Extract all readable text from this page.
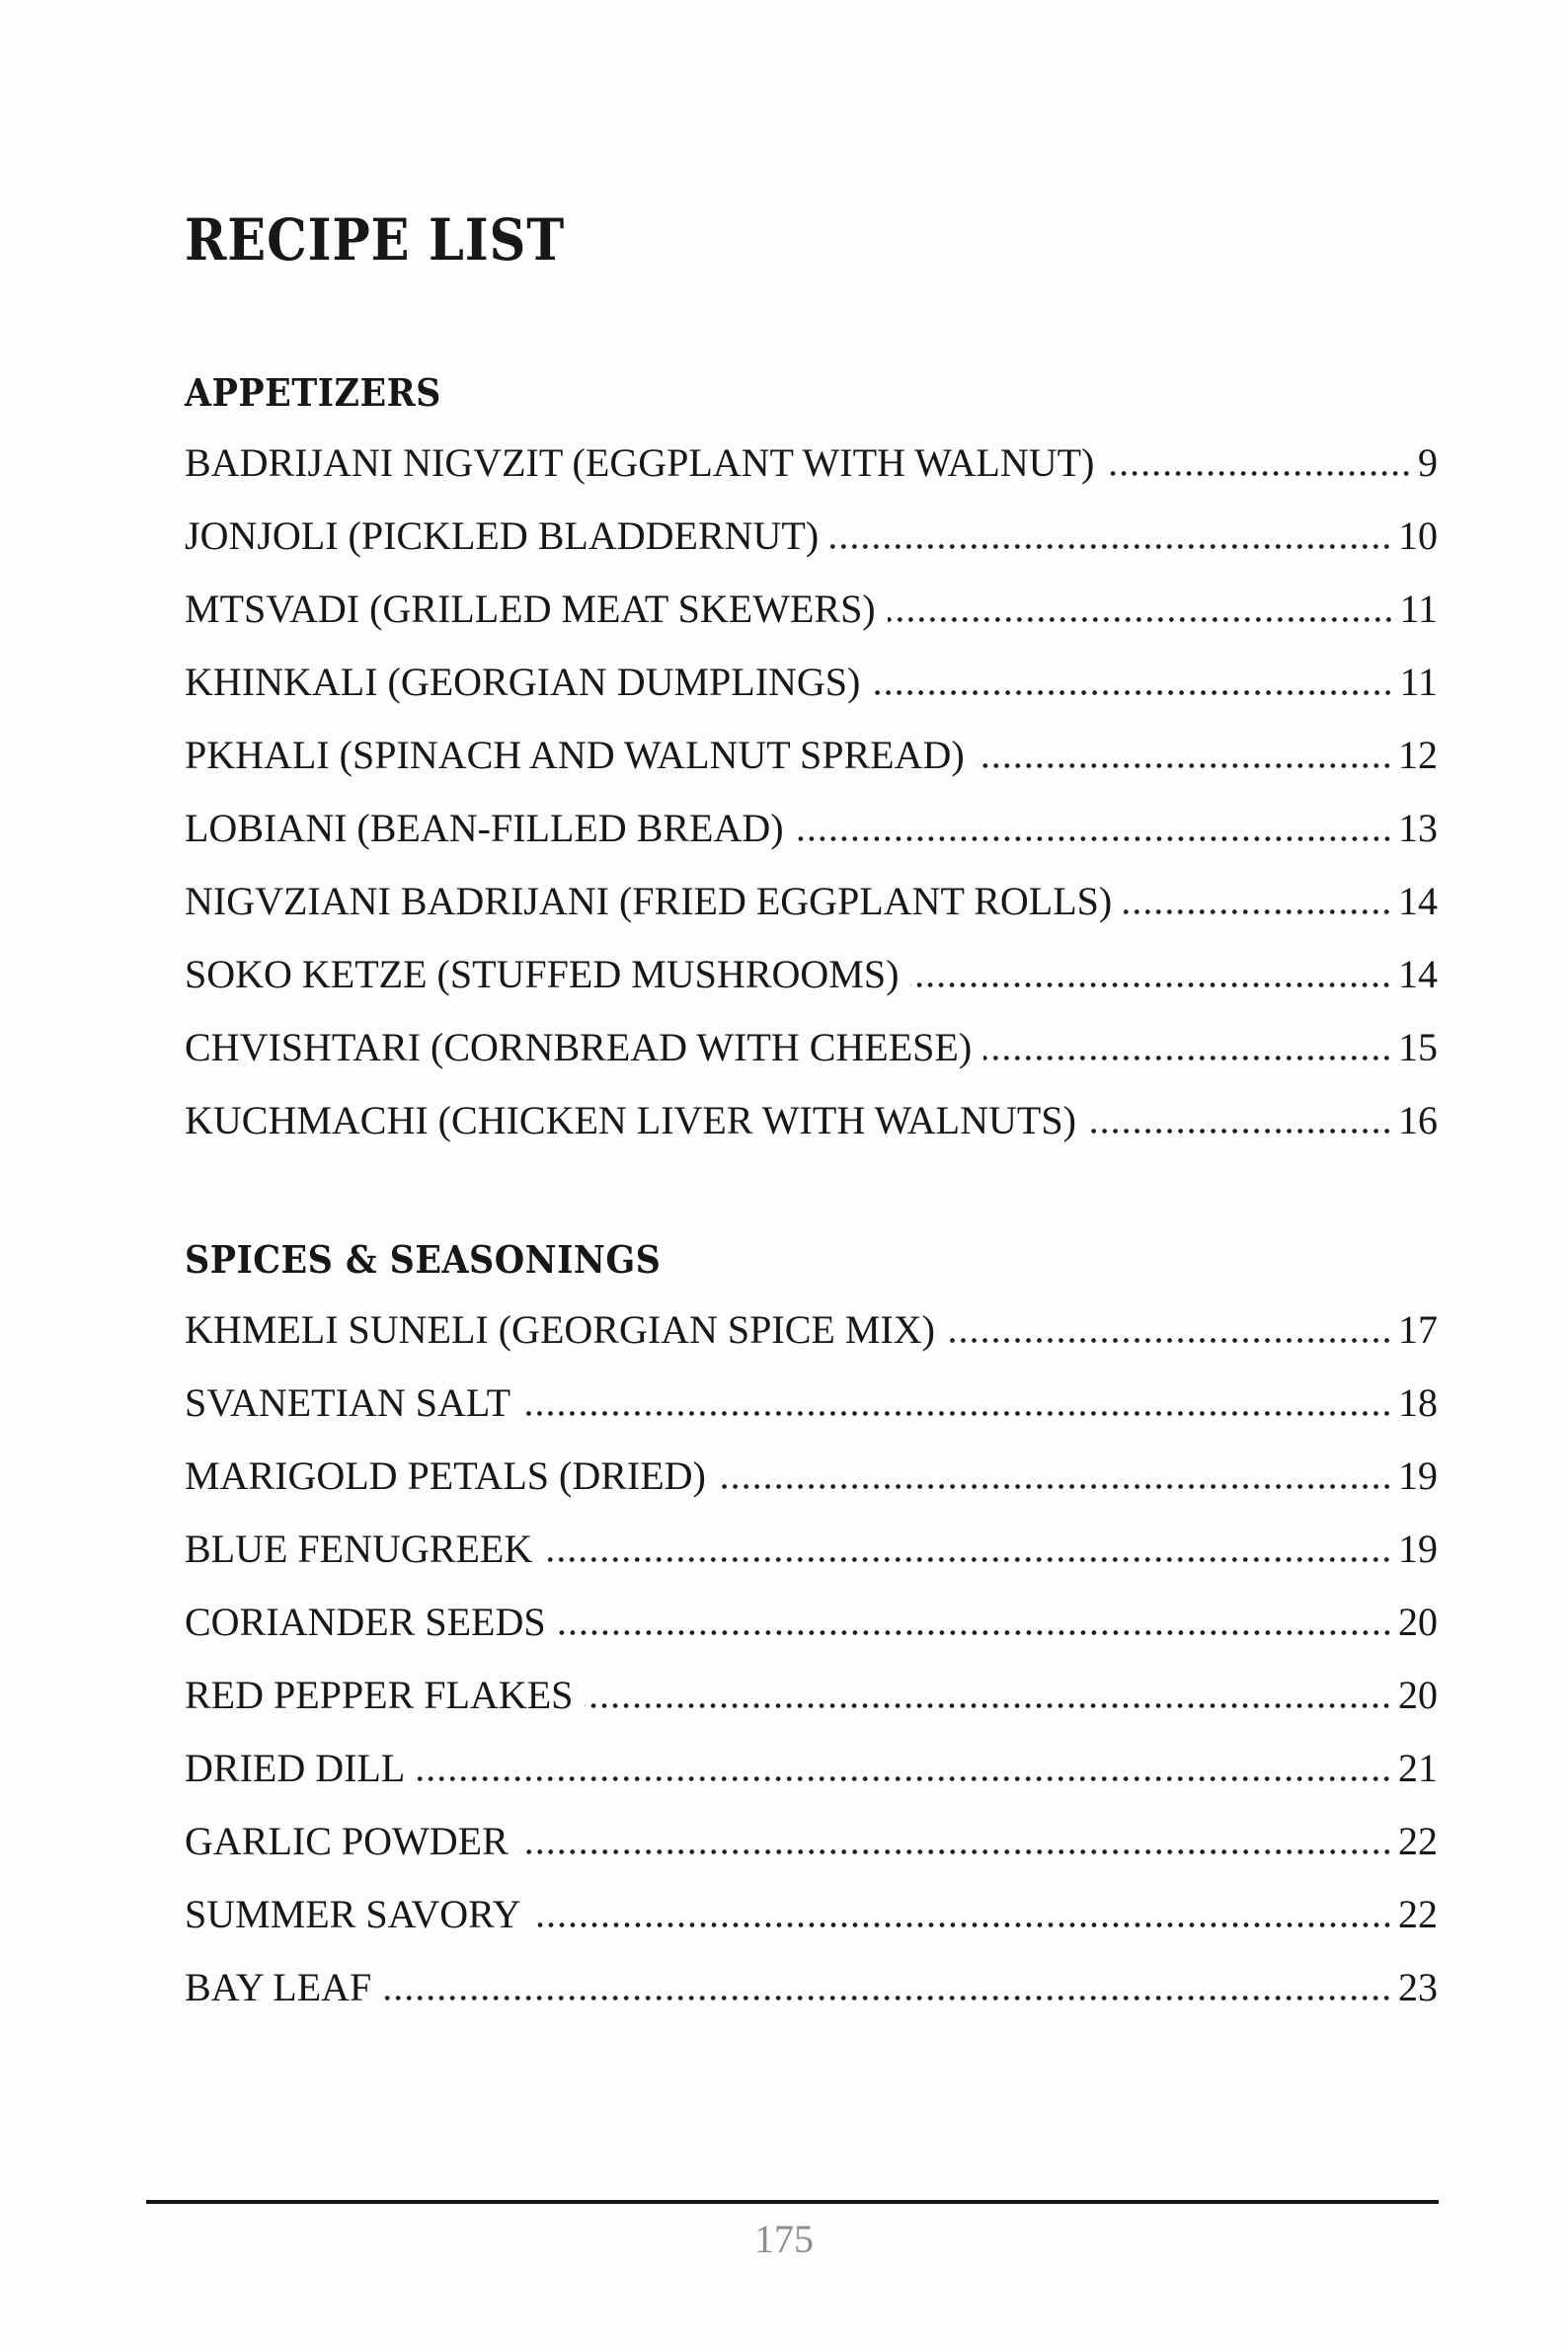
RECIPE LIST
APPETIZERS
BADRIJANI NIGVZIT (EGGPLANT WITH WALNUT)	9
JONJOLI (PICKLED BLADDERNUT)	10
MTSVADI (GRILLED MEAT SKEWERS)	11
KHINKALI (GEORGIAN DUMPLINGS)	11
PKHALI (SPINACH AND WALNUT SPREAD)	12
LOBIANI (BEAN-FILLED BREAD)	13
NIGVZIANI BADRIJANI (FRIED EGGPLANT ROLLS)	14
SOKO KETZE (STUFFED MUSHROOMS)	14
CHVISHTARI (CORNBREAD WITH CHEESE)	15
KUCHMACHI (CHICKEN LIVER WITH WALNUTS)	16
SPICES & SEASONINGS
KHMELI SUNELI (GEORGIAN SPICE MIX)	17
SVANETIAN SALT	18
MARIGOLD PETALS (DRIED)	19
BLUE FENUGREEK	19
CORIANDER SEEDS	20
RED PEPPER FLAKES	20
DRIED DILL	21
GARLIC POWDER	22
SUMMER SAVORY	22
BAY LEAF	23
175
